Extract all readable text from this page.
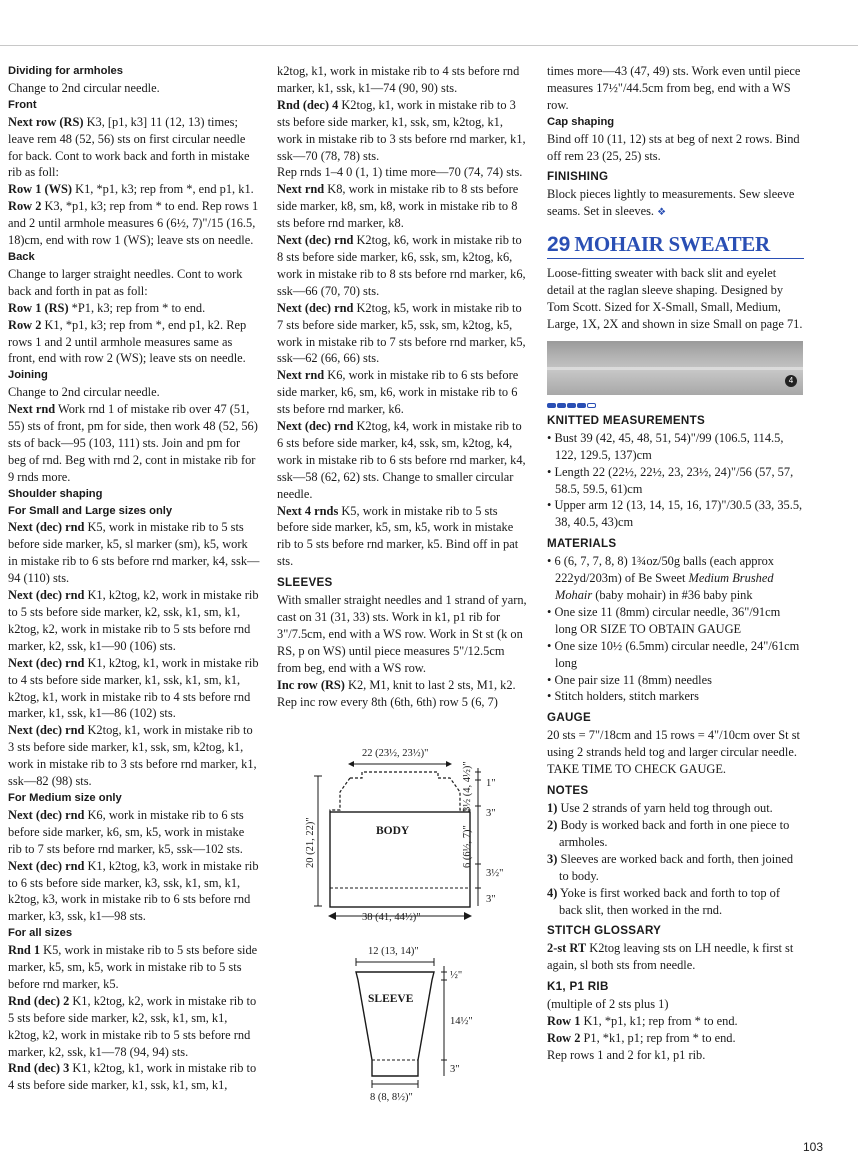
Dividing for armholes

Change to 2nd circular needle.

Front

Next row (RS) K3, [p1, k3] 11 (12, 13) times; leave rem 48 (52, 56) sts on first circular needle for back. Cont to work back and forth in mistake rib as foll:

Row 1 (WS) K1, *p1, k3; rep from *, end p1, k1.

Row 2 K3, *p1, k3; rep from * to end. Rep rows 1 and 2 until armhole measures 6 (6½, 7)"/15 (16.5, 18)cm, end with row 1 (WS); leave sts on needle.

Back

Change to larger straight needles. Cont to work back and forth in pat as foll:

Row 1 (RS) *P1, k3; rep from * to end.

Row 2 K1, *p1, k3; rep from *, end p1, k2. Rep rows 1 and 2 until armhole measures same as front, end with row 2 (WS); leave sts on needle.

Joining

Change to 2nd circular needle.

Next rnd Work rnd 1 of mistake rib over 47 (51, 55) sts of front, pm for side, then work 48 (52, 56) sts of back—95 (103, 111) sts. Join and pm for beg of rnd. Beg with rnd 2, cont in mistake rib for 9 rnds more.

Shoulder shaping

For Small and Large sizes only

Next (dec) rnd K5, work in mistake rib to 5 sts before side marker, k5, sl marker (sm), k5, work in mistake rib to 6 sts before rnd marker, k4, ssk—94 (110) sts.

Next (dec) rnd K1, k2tog, k2, work in mistake rib to 5 sts before side marker, k2, ssk, k1, sm, k1, k2tog, k2, work in mistake rib to 5 sts before rnd marker, k2, ssk, k1—90 (106) sts.

Next (dec) rnd K1, k2tog, k1, work in mistake rib to 4 sts before side marker, k1, ssk, k1, sm, k1, k2tog, k1, work in mistake rib to 4 sts before rnd marker, k1, ssk, k1—86 (102) sts.

Next (dec) rnd K2tog, k1, work in mistake rib to 3 sts before side marker, k1, ssk, sm, k2tog, k1, work in mistake rib to 3 sts before rnd marker, k1, ssk—82 (98) sts.

For Medium size only

Next (dec) rnd K6, work in mistake rib to 6 sts before side marker, k6, sm, k5, work in mistake rib to 7 sts before rnd marker, k5, ssk—102 sts.

Next (dec) rnd K1, k2tog, k3, work in mistake rib to 6 sts before side marker, k3, ssk, k1, sm, k1, k2tog, k3, work in mistake rib to 6 sts before rnd marker, k3, ssk, k1—98 sts.

For all sizes

Rnd 1 K5, work in mistake rib to 5 sts before side marker, k5, sm, k5, work in mistake rib to 5 sts before rnd marker, k5.

Rnd (dec) 2 K1, k2tog, k2, work in mistake rib to 5 sts before side marker, k2, ssk, k1, sm, k1, k2tog, k2, work in mistake rib to 5 sts before rnd marker, k2, ssk, k1—78 (94, 94) sts.

Rnd (dec) 3 K1, k2tog, k1, work in mistake rib to 4 sts before side marker, k1, ssk, k1, sm, k1,

k2tog, k1, work in mistake rib to 4 sts before rnd marker, k1, ssk, k1—74 (90, 90) sts.

Rnd (dec) 4 K2tog, k1, work in mistake rib to 3 sts before side marker, k1, ssk, sm, k2tog, k1, work in mistake rib to 3 sts before rnd marker, k1, ssk—70 (78, 78) sts.

Rep rnds 1–4 0 (1, 1) time more—70 (74, 74) sts.

Next rnd K8, work in mistake rib to 8 sts before side marker, k8, sm, k8, work in mistake rib to 8 sts before rnd marker, k8.

Next (dec) rnd K2tog, k6, work in mistake rib to 8 sts before side marker, k6, ssk, sm, k2tog, k6, work in mistake rib to 8 sts before rnd marker, k6, ssk—66 (70, 70) sts.

Next (dec) rnd K2tog, k5, work in mistake rib to 7 sts before side marker, k5, ssk, sm, k2tog, k5, work in mistake rib to 7 sts before rnd marker, k5, ssk—62 (66, 66) sts.

Next rnd K6, work in mistake rib to 6 sts before side marker, k6, sm, k6, work in mistake rib to 6 sts before rnd marker, k6.

Next (dec) rnd K2tog, k4, work in mistake rib to 6 sts before side marker, k4, ssk, sm, k2tog, k4, work in mistake rib to 6 sts before rnd marker, k4, ssk—58 (62, 62) sts. Change to smaller circular needle.

Next 4 rnds K5, work in mistake rib to 5 sts before side marker, k5, sm, k5, work in mistake rib to 5 sts before rnd marker, k5. Bind off in pat sts.

SLEEVES

With smaller straight needles and 1 strand of yarn, cast on 31 (31, 33) sts. Work in k1, p1 rib for 3"/7.5cm, end with a WS row. Work in St st (k on RS, p on WS) until piece measures 5"/12.5cm from beg, end with a WS row.

Inc row (RS) K2, M1, knit to last 2 sts, M1, k2. Rep inc row every 8th (6th, 6th) row 5 (6, 7)

times more—43 (47, 49) sts. Work even until piece measures 17½"/44.5cm from beg, end with a WS row.

Cap shaping

Bind off 10 (11, 12) sts at beg of next 2 rows. Bind off rem 23 (25, 25) sts.

FINISHING

Block pieces lightly to measurements. Sew sleeve seams. Set in sleeves. ❖

29 MOHAIR SWEATER

Loose-fitting sweater with back slit and eyelet detail at the raglan sleeve shaping. Designed by Tom Scott. Sized for X-Small, Small, Medium, Large, 1X, 2X and shown in size Small on page 71.

4

KNITTED MEASUREMENTS

• Bust 39 (42, 45, 48, 51, 54)"/99 (106.5, 114.5, 122, 129.5, 137)cm

• Length 22 (22½, 22½, 23, 23½, 24)"/56 (57, 57, 58.5, 59.5, 61)cm

• Upper arm 12 (13, 14, 15, 16, 17)"/30.5 (33, 35.5, 38, 40.5, 43)cm

MATERIALS

• 6 (6, 7, 7, 8, 8) 1¾oz/50g balls (each approx 222yd/203m) of Be Sweet Medium Brushed Mohair (baby mohair) in #36 baby pink

• One size 11 (8mm) circular needle, 36"/91cm long OR SIZE TO OBTAIN GAUGE

• One size 10½ (6.5mm) circular needle, 24"/61cm long

• One pair size 11 (8mm) needles

• Stitch holders, stitch markers

GAUGE

20 sts = 7"/18cm and 15 rows = 4"/10cm over St st using 2 strands held tog and larger circular needle.

TAKE TIME TO CHECK GAUGE.

NOTES

1) Use 2 strands of yarn held tog through out.

2) Body is worked back and forth in one piece to armholes.

3) Sleeves are worked back and forth, then joined to body.

4) Yoke is first worked back and forth to top of back slit, then worked in the rnd.

STITCH GLOSSARY

2-st RT K2tog leaving sts on LH needle, k first st again, sl both sts from needle.

K1, P1 RIB

(multiple of 2 sts plus 1)

Row 1 K1, *p1, k1; rep from * to end.

Row 2 P1, *k1, p1; rep from * to end.

Rep rows 1 and 2 for k1, p1 rib.

22 (23½, 23½)"
BODY
20 (21, 22)"
3½ (4, 4½)"
6 (6½, 7)"
1"
3"
3½"
3"
38 (41, 44½)"
12 (13, 14)"
SLEEVE
½"
14½"
3"
8 (8, 8½)"
103
